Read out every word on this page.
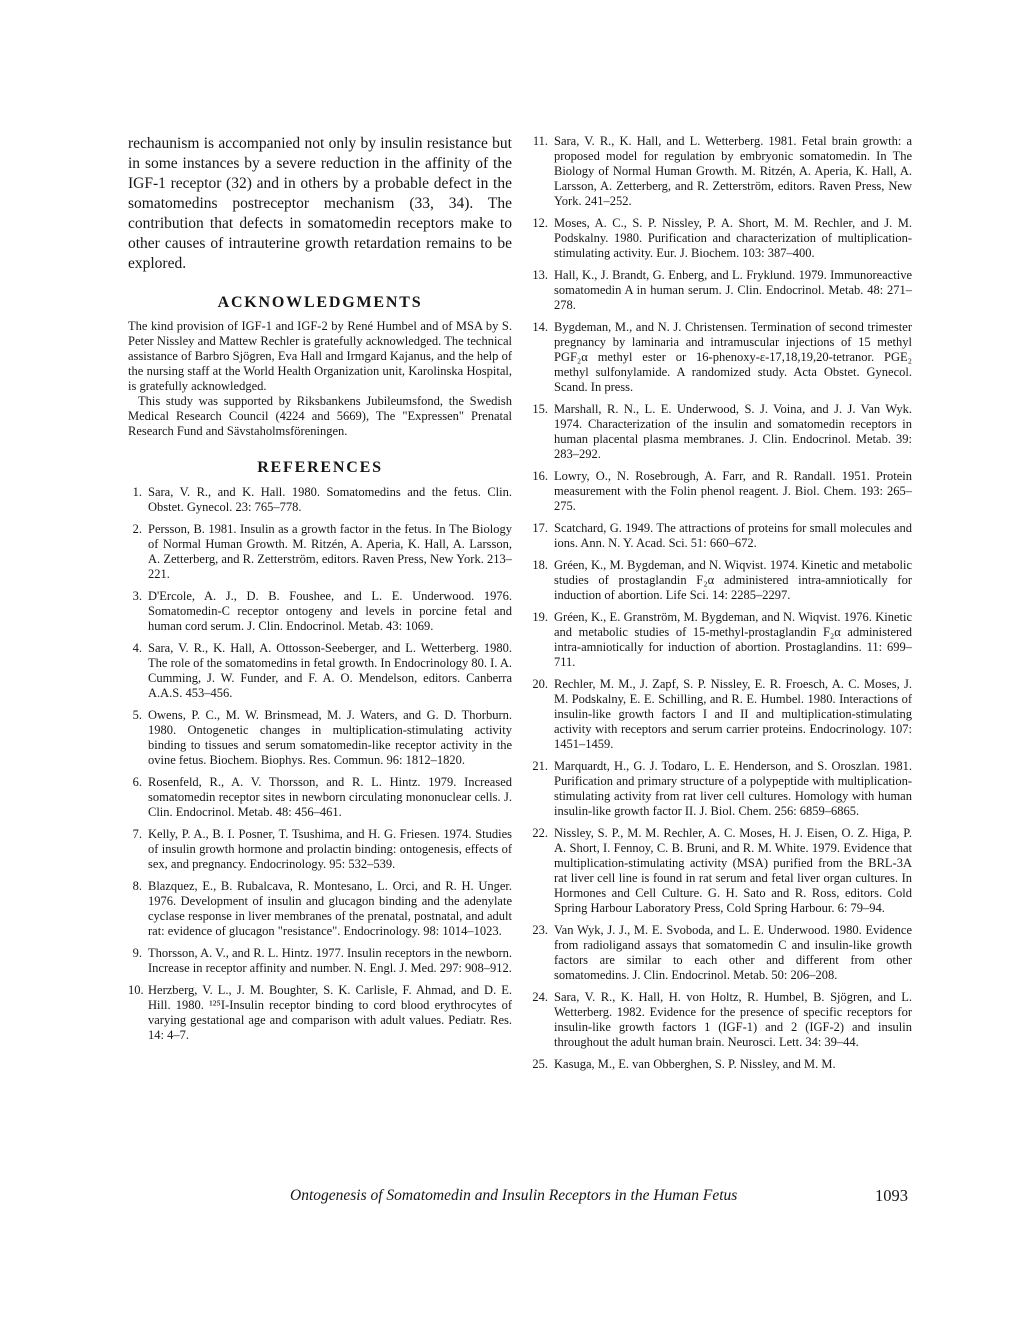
rechaunism is accompanied not only by insulin resistance but in some instances by a severe reduction in the affinity of the IGF-1 receptor (32) and in others by a probable defect in the somatomedins postreceptor mechanism (33, 34). The contribution that defects in somatomedin receptors make to other causes of intrauterine growth retardation remains to be explored.

ACKNOWLEDGMENTS

The kind provision of IGF-1 and IGF-2 by René Humbel and of MSA by S. Peter Nissley and Mattew Rechler is gratefully acknowledged. The technical assistance of Barbro Sjögren, Eva Hall and Irmgard Kajanus, and the help of the nursing staff at the World Health Organization unit, Karolinska Hospital, is gratefully acknowledged.

This study was supported by Riksbankens Jubileumsfond, the Swedish Medical Research Council (4224 and 5669), The "Expressen" Prenatal Research Fund and Sävstaholmsföreningen.

REFERENCES
1. Sara, V. R., and K. Hall. 1980. Somatomedins and the fetus. Clin. Obstet. Gynecol. 23: 765–778.
2. Persson, B. 1981. Insulin as a growth factor in the fetus. In The Biology of Normal Human Growth. M. Ritzén, A. Aperia, K. Hall, A. Larsson, A. Zetterberg, and R. Zetterström, editors. Raven Press, New York. 213–221.
3. D'Ercole, A. J., D. B. Foushee, and L. E. Underwood. 1976. Somatomedin-C receptor ontogeny and levels in porcine fetal and human cord serum. J. Clin. Endocrinol. Metab. 43: 1069.
4. Sara, V. R., K. Hall, A. Ottosson-Seeberger, and L. Wetterberg. 1980. The role of the somatomedins in fetal growth. In Endocrinology 80. I. A. Cumming, J. W. Funder, and F. A. O. Mendelson, editors. Canberra A.A.S. 453–456.
5. Owens, P. C., M. W. Brinsmead, M. J. Waters, and G. D. Thorburn. 1980. Ontogenetic changes in multiplication-stimulating activity binding to tissues and serum somatomedin-like receptor activity in the ovine fetus. Biochem. Biophys. Res. Commun. 96: 1812–1820.
6. Rosenfeld, R., A. V. Thorsson, and R. L. Hintz. 1979. Increased somatomedin receptor sites in newborn circulating mononuclear cells. J. Clin. Endocrinol. Metab. 48: 456–461.
7. Kelly, P. A., B. I. Posner, T. Tsushima, and H. G. Friesen. 1974. Studies of insulin growth hormone and prolactin binding: ontogenesis, effects of sex, and pregnancy. Endocrinology. 95: 532–539.
8. Blazquez, E., B. Rubalcava, R. Montesano, L. Orci, and R. H. Unger. 1976. Development of insulin and glucagon binding and the adenylate cyclase response in liver membranes of the prenatal, postnatal, and adult rat: evidence of glucagon "resistance". Endocrinology. 98: 1014–1023.
9. Thorsson, A. V., and R. L. Hintz. 1977. Insulin receptors in the newborn. Increase in receptor affinity and number. N. Engl. J. Med. 297: 908–912.
10. Herzberg, V. L., J. M. Boughter, S. K. Carlisle, F. Ahmad, and D. E. Hill. 1980. ¹²⁵I-Insulin receptor binding to cord blood erythrocytes of varying gestational age and comparison with adult values. Pediatr. Res. 14: 4–7.
11. Sara, V. R., K. Hall, and L. Wetterberg. 1981. Fetal brain growth: a proposed model for regulation by embryonic somatomedin. In The Biology of Normal Human Growth. M. Ritzén, A. Aperia, K. Hall, A. Larsson, A. Zetterberg, and R. Zetterström, editors. Raven Press, New York. 241–252.
12. Moses, A. C., S. P. Nissley, P. A. Short, M. M. Rechler, and J. M. Podskalny. 1980. Purification and characterization of multiplication-stimulating activity. Eur. J. Biochem. 103: 387–400.
13. Hall, K., J. Brandt, G. Enberg, and L. Fryklund. 1979. Immunoreactive somatomedin A in human serum. J. Clin. Endocrinol. Metab. 48: 271–278.
14. Bygdeman, M., and N. J. Christensen. Termination of second trimester pregnancy by laminaria and intramuscular injections of 15 methyl PGF₂α methyl ester or 16-phenoxy-ε-17,18,19,20-tetranor. PGE₂ methyl sulfonylamide. A randomized study. Acta Obstet. Gynecol. Scand. In press.
15. Marshall, R. N., L. E. Underwood, S. J. Voina, and J. J. Van Wyk. 1974. Characterization of the insulin and somatomedin receptors in human placental plasma membranes. J. Clin. Endocrinol. Metab. 39: 283–292.
16. Lowry, O., N. Rosebrough, A. Farr, and R. Randall. 1951. Protein measurement with the Folin phenol reagent. J. Biol. Chem. 193: 265–275.
17. Scatchard, G. 1949. The attractions of proteins for small molecules and ions. Ann. N. Y. Acad. Sci. 51: 660–672.
18. Gréen, K., M. Bygdeman, and N. Wiqvist. 1974. Kinetic and metabolic studies of prostaglandin F₂α administered intra-amniotically for induction of abortion. Life Sci. 14: 2285–2297.
19. Gréen, K., E. Granström, M. Bygdeman, and N. Wiqvist. 1976. Kinetic and metabolic studies of 15-methyl-prostaglandin F₂α administered intra-amniotically for induction of abortion. Prostaglandins. 11: 699–711.
20. Rechler, M. M., J. Zapf, S. P. Nissley, E. R. Froesch, A. C. Moses, J. M. Podskalny, E. E. Schilling, and R. E. Humbel. 1980. Interactions of insulin-like growth factors I and II and multiplication-stimulating activity with receptors and serum carrier proteins. Endocrinology. 107: 1451–1459.
21. Marquardt, H., G. J. Todaro, L. E. Henderson, and S. Oroszlan. 1981. Purification and primary structure of a polypeptide with multiplication-stimulating activity from rat liver cell cultures. Homology with human insulin-like growth factor II. J. Biol. Chem. 256: 6859–6865.
22. Nissley, S. P., M. M. Rechler, A. C. Moses, H. J. Eisen, O. Z. Higa, P. A. Short, I. Fennoy, C. B. Bruni, and R. M. White. 1979. Evidence that multiplication-stimulating activity (MSA) purified from the BRL-3A rat liver cell line is found in rat serum and fetal liver organ cultures. In Hormones and Cell Culture. G. H. Sato and R. Ross, editors. Cold Spring Harbour Laboratory Press, Cold Spring Harbour. 6: 79–94.
23. Van Wyk, J. J., M. E. Svoboda, and L. E. Underwood. 1980. Evidence from radioligand assays that somatomedin C and insulin-like growth factors are similar to each other and different from other somatomedins. J. Clin. Endocrinol. Metab. 50: 206–208.
24. Sara, V. R., K. Hall, H. von Holtz, R. Humbel, B. Sjögren, and L. Wetterberg. 1982. Evidence for the presence of specific receptors for insulin-like growth factors 1 (IGF-1) and 2 (IGF-2) and insulin throughout the adult human brain. Neurosci. Lett. 34: 39–44.
25. Kasuga, M., E. van Obberghen, S. P. Nissley, and M. M.
Ontogenesis of Somatomedin and Insulin Receptors in the Human Fetus	1093
